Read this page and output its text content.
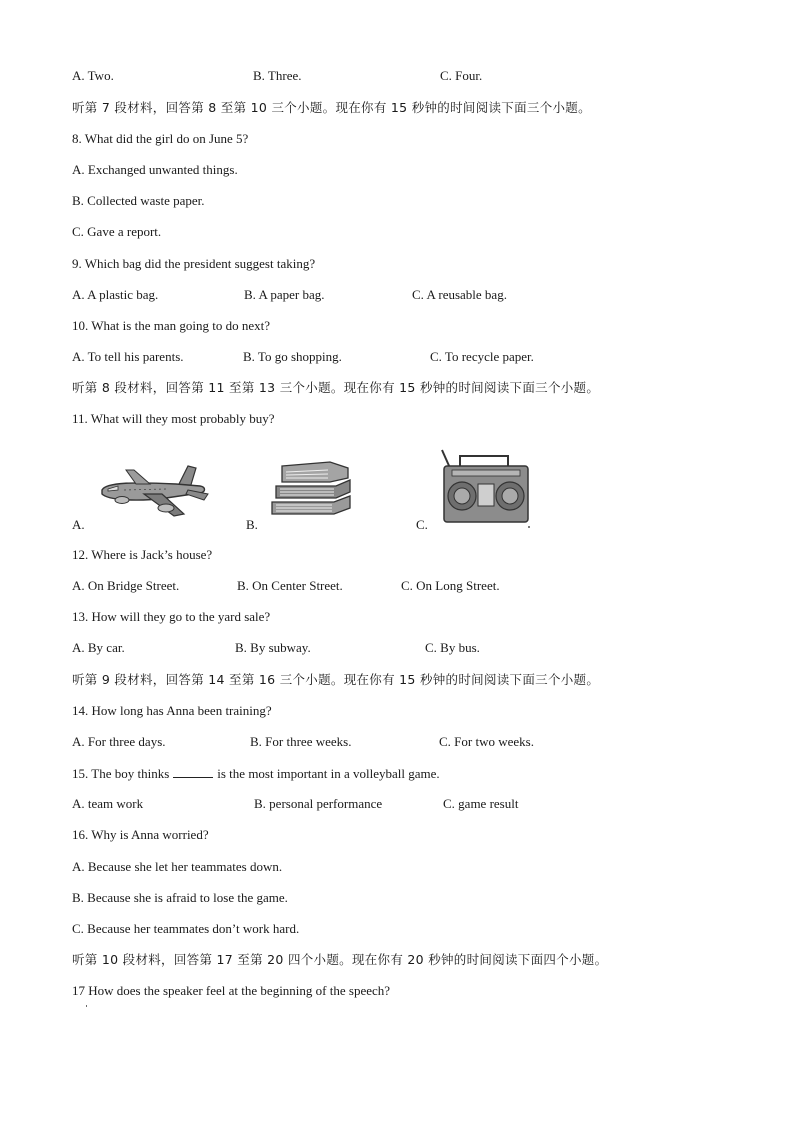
A. Two.	B. Three.	C. Four.
听第 7 段材料，回答第 8 至第 10 三个小题。现在你有 15 秒钟的时间阅读下面三个小题。
8. What did the girl do on June 5?
A. Exchanged unwanted things.
B. Collected waste paper.
C. Gave a report.
9. Which bag did the president suggest taking?
A. A plastic bag.	B. A paper bag.	C. A reusable bag.
10. What is the man going to do next?
A. To tell his parents.	B. To go shopping.	C. To recycle paper.
听第 8 段材料，回答第 11 至第 13 三个小题。现在你有 15 秒钟的时间阅读下面三个小题。
11. What will they most probably buy?
A.	B.	C.
12. Where is Jack’s house?
A. On Bridge Street.	B. On Center Street.	C. On Long Street.
13. How will they go to the yard sale?
A. By car.	B. By subway.	C. By bus.
听第 9 段材料，回答第 14 至第 16 三个小题。现在你有 15 秒钟的时间阅读下面三个小题。
14. How long has Anna been training?
A. For three days.	B. For three weeks.	C. For two weeks.
15. The boy thinks	is the most important in a volleyball game.
A. team work	B. personal performance	C. game result
16. Why is Anna worried?
A. Because she let her teammates down.
B. Because she is afraid to lose the game.
C. Because her teammates don’t work hard.
听第 10 段材料，回答第 17 至第 20 四个小题。现在你有 20 秒钟的时间阅读下面四个小题。
17 How does the speaker feel at the beginning of the speech?
